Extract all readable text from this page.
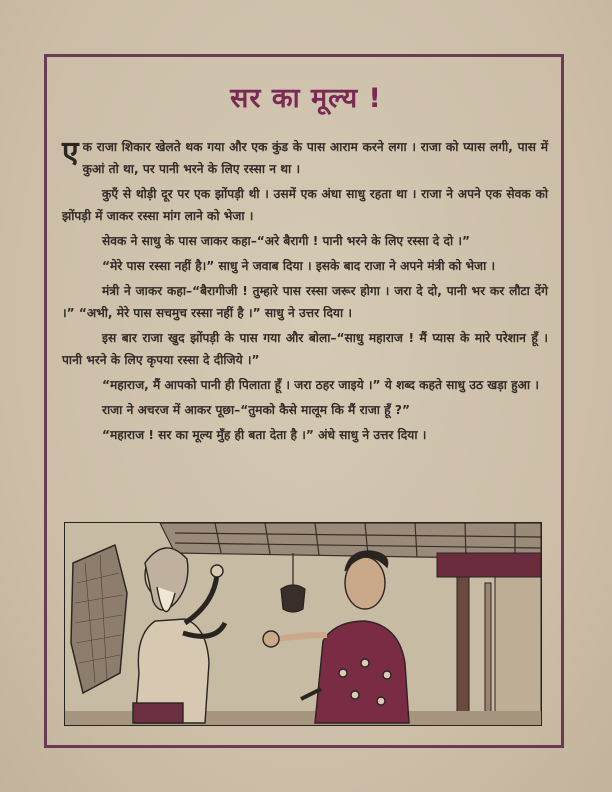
सर का मूल्य !

एक राजा शिकार खेलते थक गया और एक कुंड के पास आराम करने लगा । राजा को प्यास लगी, पास में कुआं तो था, पर पानी भरने के लिए रस्सा न था ।

कुएँ से थोड़ी दूर पर एक झोंपड़ी थी । उसमें एक अंधा साधु रहता था । राजा ने अपने एक सेवक को झोंपड़ी में जाकर रस्सा मांग लाने को भेजा ।

सेवक ने साधु के पास जाकर कहा–“अरे बैरागी ! पानी भरने के लिए रस्सा दे दो ।”

“मेरे पास रस्सा नहीं है।” साधु ने जवाब दिया । इसके बाद राजा ने अपने मंत्री को भेजा ।

मंत्री ने जाकर कहा–“बैरागीजी ! तुम्हारे पास रस्सा जरूर होगा । जरा दे दो, पानी भर कर लौटा देंगे ।” “अभी, मेरे पास सचमुच रस्सा नहीं है ।” साधु ने उत्तर दिया ।

इस बार राजा खुद झोंपड़ी के पास गया और बोला–“साधु महाराज ! मैं प्यास के मारे परेशान हूँ । पानी भरने के लिए कृपया रस्सा दे दीजिये ।”

“महाराज, मैं आपको पानी ही पिलाता हूँ । जरा ठहर जाइये ।” ये शब्द कहते साधु उठ खड़ा हुआ ।

राजा ने अचरज में आकर पूछा–“तुमको कैसे मालूम कि मैं राजा हूँ ?”

“महाराज ! सर का मूल्य मुँह ही बता देता है ।” अंधे साधु ने उत्तर दिया ।
